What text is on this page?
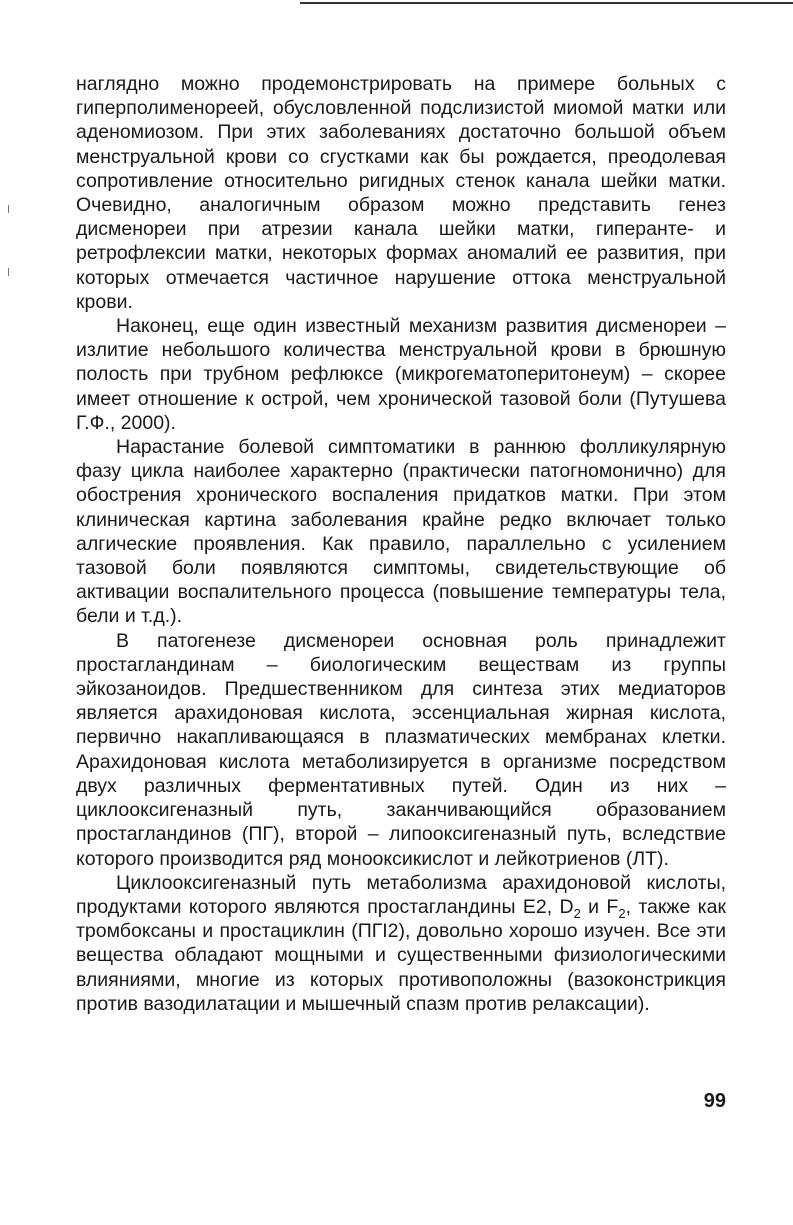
наглядно можно продемонстрировать на примере больных с гиперполименореей, обусловленной подслизистой миомой матки или аденомиозом. При этих заболеваниях достаточно большой объем менструальной крови со сгустками как бы рождается, преодолевая сопротивление относительно ригидных стенок канала шейки матки. Очевидно, аналогичным образом можно представить генез дисменореи при атрезии канала шейки матки, гиперанте- и ретрофлексии матки, некоторых формах аномалий ее развития, при которых отмечается частичное нарушение оттока менструальной крови.

Наконец, еще один известный механизм развития дисменореи – излитие небольшого количества менструальной крови в брюшную полость при трубном рефлюксе (микрогематоперитонеум) – скорее имеет отношение к острой, чем хронической тазовой боли (Путушева Г.Ф., 2000).

Нарастание болевой симптоматики в раннюю фолликулярную фазу цикла наиболее характерно (практически патогномонично) для обострения хронического воспаления придатков матки. При этом клиническая картина заболевания крайне редко включает только алгические проявления. Как правило, параллельно с усилением тазовой боли появляются симптомы, свидетельствующие об активации воспалительного процесса (повышение температуры тела, бели и т.д.).

В патогенезе дисменореи основная роль принадлежит простагландинам – биологическим веществам из группы эйкозаноидов. Предшественником для синтеза этих медиаторов является арахидоновая кислота, эссенциальная жирная кислота, первично накапливающаяся в плазматических мембранах клетки. Арахидоновая кислота метаболизируется в организме посредством двух различных ферментативных путей. Один из них – циклооксигеназный путь, заканчивающийся образованием простагландинов (ПГ), второй – липооксигеназный путь, вследствие которого производится ряд монооксикислот и лейкотриенов (ЛТ).

Циклооксигеназный путь метаболизма арахидоновой кислоты, продуктами которого являются простагландины E2, $D_2$ и $F_2$, также как тромбоксаны и простациклин (ПГI2), довольно хорошо изучен. Все эти вещества обладают мощными и существенными физиологическими влияниями, многие из которых противоположны (вазоконстрикция против вазодилатации и мышечный спазм против релаксации).

99
